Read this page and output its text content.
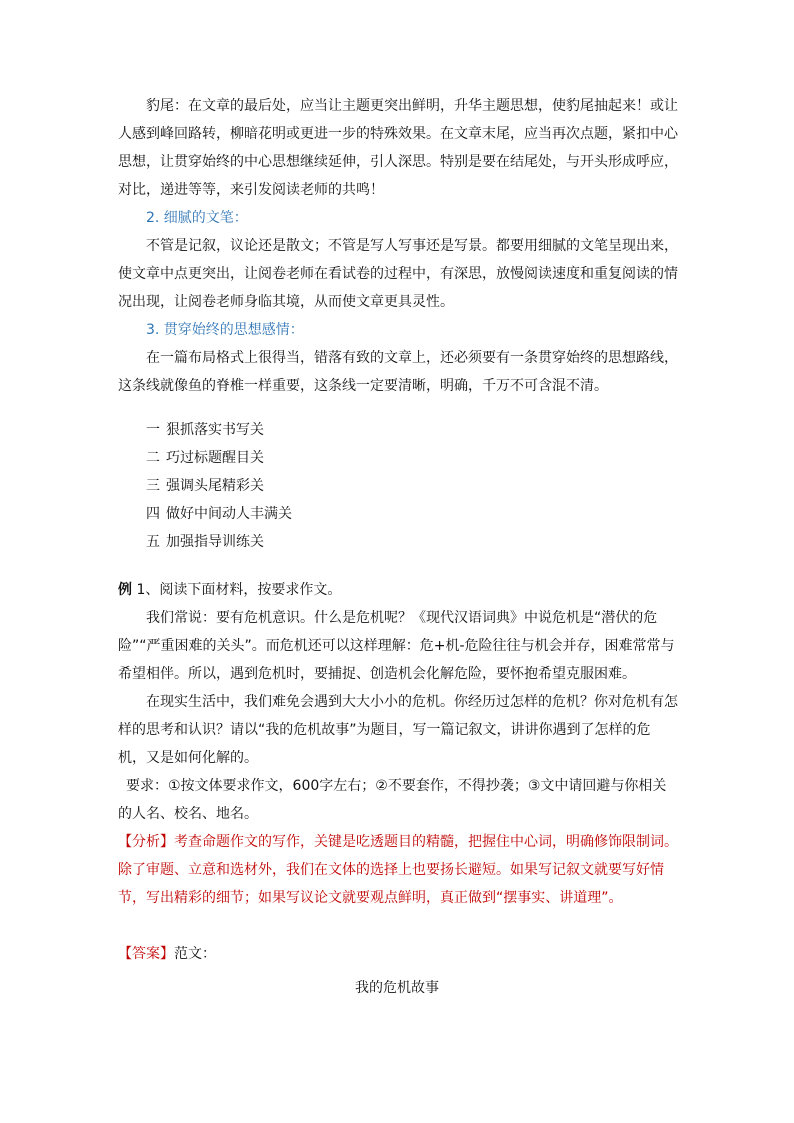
豹尾：在文章的最后处，应当让主题更突出鲜明，升华主题思想，使豹尾抽起来！或让人感到峰回路转，柳暗花明或更进一步的特殊效果。在文章末尾，应当再次点题，紧扣中心思想，让贯穿始终的中心思想继续延伸，引人深思。特别是要在结尾处，与开头形成呼应，对比，递进等等，来引发阅读老师的共鸣！

2. 细腻的文笔：

不管是记叙，议论还是散文；不管是写人写事还是写景。都要用细腻的文笔呈现出来，使文章中点更突出，让阅卷老师在看试卷的过程中，有深思，放慢阅读速度和重复阅读的情况出现，让阅卷老师身临其境，从而使文章更具灵性。

3. 贯穿始终的思想感情：

在一篇布局格式上很得当，错落有致的文章上，还必须要有一条贯穿始终的思想路线，这条线就像鱼的脊椎一样重要，这条线一定要清晰，明确，千万不可含混不清。

一 狠抓落实书写关
二 巧过标题醒目关
三 强调头尾精彩关
四 做好中间动人丰满关
五 加强指导训练关

例 1、阅读下面材料，按要求作文。

我们常说：要有危机意识。什么是危机呢？《现代汉语词典》中说危机是“潜伏的危险”“严重困难的关头”。而危机还可以这样理解：危+机-危险往往与机会并存，困难常常与希望相伴。所以，遇到危机时，要捕捉、创造机会化解危险，要怀抱希望克服困难。

在现实生活中，我们难免会遇到大大小小的危机。你经历过怎样的危机？你对危机有怎样的思考和认识？请以“我的危机故事”为题目，写一篇记叙文，讲讲你遇到了怎样的危机，又是如何化解的。

要求：①按文体要求作文，600字左右；②不要套作，不得抄袭；③文中请回避与你相关的人名、校名、地名。

【分析】考查命题作文的写作，关键是吃透题目的精髓，把握住中心词，明确修饰限制词。除了审题、立意和选材外，我们在文体的选择上也要扬长避短。如果写记叙文就要写好情节，写出精彩的细节；如果写议论文就要观点鲜明，真正做到“摆事实、讲道理”。

【答案】范文：

我的危机故事
